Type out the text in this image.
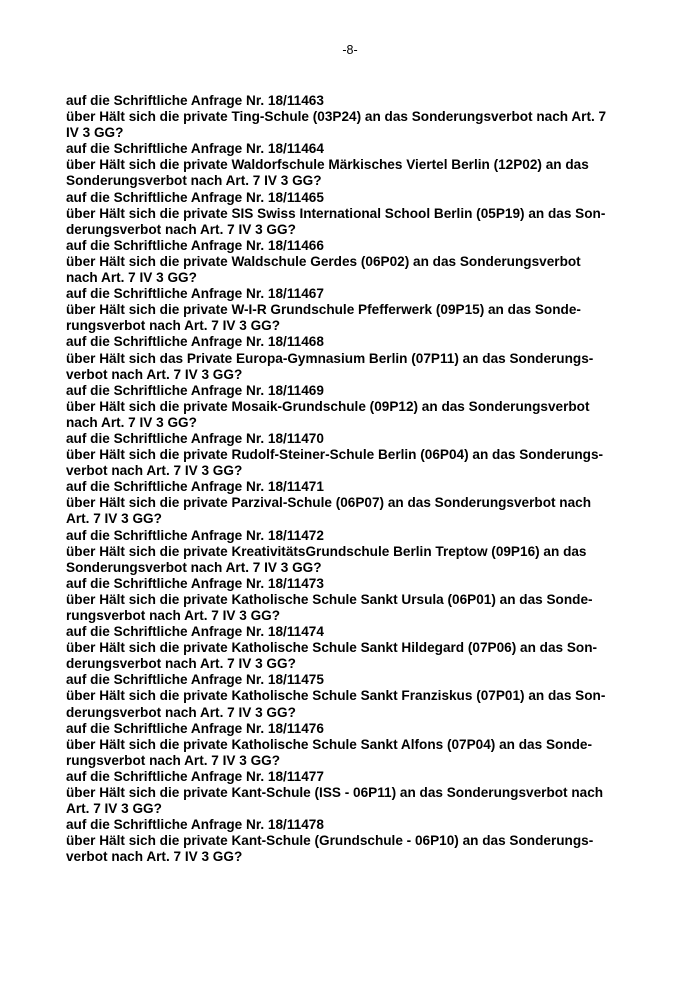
-8-
auf die Schriftliche Anfrage Nr. 18/11463
über Hält sich die private Ting-Schule (03P24) an das Sonderungsverbot nach Art. 7
IV 3 GG?
auf die Schriftliche Anfrage Nr. 18/11464
über Hält sich die private Waldorfschule Märkisches Viertel Berlin (12P02) an das
Sonderungsverbot nach Art. 7 IV 3 GG?
auf die Schriftliche Anfrage Nr. 18/11465
über Hält sich die private SIS Swiss International School Berlin (05P19) an das Son-
derungsverbot nach Art. 7 IV 3 GG?
auf die Schriftliche Anfrage Nr. 18/11466
über Hält sich die private Waldschule Gerdes (06P02) an das Sonderungsverbot
nach Art. 7 IV 3 GG?
auf die Schriftliche Anfrage Nr. 18/11467
über Hält sich die private W-I-R Grundschule Pfefferwerk (09P15) an das Sonde-
rungsverbot nach Art. 7 IV 3 GG?
auf die Schriftliche Anfrage Nr. 18/11468
über Hält sich das Private Europa-Gymnasium Berlin (07P11) an das Sonderungs-
verbot nach Art. 7 IV 3 GG?
auf die Schriftliche Anfrage Nr. 18/11469
über Hält sich die private Mosaik-Grundschule (09P12) an das Sonderungsverbot
nach Art. 7 IV 3 GG?
auf die Schriftliche Anfrage Nr. 18/11470
über Hält sich die private Rudolf-Steiner-Schule Berlin (06P04) an das Sonderungs-
verbot nach Art. 7 IV 3 GG?
auf die Schriftliche Anfrage Nr. 18/11471
über Hält sich die private Parzival-Schule (06P07) an das Sonderungsverbot nach
Art. 7 IV 3 GG?
auf die Schriftliche Anfrage Nr. 18/11472
über Hält sich die private KreativitätsGrundschule Berlin Treptow (09P16) an das
Sonderungsverbot nach Art. 7 IV 3 GG?
auf die Schriftliche Anfrage Nr. 18/11473
über Hält sich die private Katholische Schule Sankt Ursula (06P01) an das Sonde-
rungsverbot nach Art. 7 IV 3 GG?
auf die Schriftliche Anfrage Nr. 18/11474
über Hält sich die private Katholische Schule Sankt Hildegard (07P06) an das Son-
derungsverbot nach Art. 7 IV 3 GG?
auf die Schriftliche Anfrage Nr. 18/11475
über Hält sich die private Katholische Schule Sankt Franziskus (07P01) an das Son-
derungsverbot nach Art. 7 IV 3 GG?
auf die Schriftliche Anfrage Nr. 18/11476
über Hält sich die private Katholische Schule Sankt Alfons (07P04) an das Sonde-
rungsverbot nach Art. 7 IV 3 GG?
auf die Schriftliche Anfrage Nr. 18/11477
über Hält sich die private Kant-Schule (ISS - 06P11) an das Sonderungsverbot nach
Art. 7 IV 3 GG?
auf die Schriftliche Anfrage Nr. 18/11478
über Hält sich die private Kant-Schule (Grundschule - 06P10) an das Sonderungs-
verbot nach Art. 7 IV 3 GG?
